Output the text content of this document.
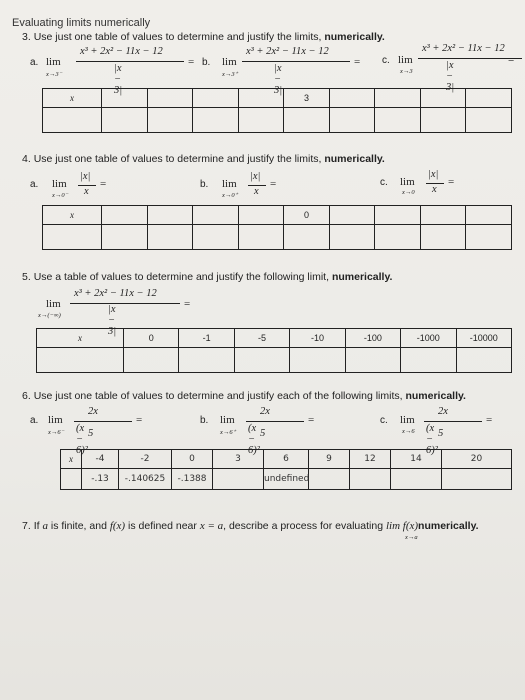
Evaluating limits numerically
3. Use just one table of values to determine and justify the limits, numerically.
a. lim
x→3⁻
x³ + 2x² − 11x − 12
|x − 3|
= b. lim
x→3⁺
x³ + 2x² − 11x − 12
|x − 3|
= c. lim
x→3
x³ + 2x² − 11x − 12
|x − 3|
=
x					3				

4. Use just one table of values to determine and justify the limits, numerically.
a. lim
x→0⁻
|x|
x
=	b. lim
x→0⁺
|x|
x
=	c. lim
x→0
|x|
x
=
x					0				

5. Use a table of values to determine and justify the following limit, numerically.
lim
x→(−∞)
x³ + 2x² − 11x − 12
|x − 3|
=
x	0	-1	-5	-10	-100	-1000	-10000

6. Use just one table of values to determine and justify each of the following limits, numerically.
a. lim
x→6⁻
2x − 5
(x − 6)²
=	b. lim
x→6⁺
2x − 5
(x − 6)²
=	c. lim
x→6
2x − 5
(x − 6)²
=
x	-4	-2	0	3	6	9	12	14	20
	-.13	-.140625	-.1388		undefined				
7. If a is finite, and f(x) is defined near x = a, describe a process for evaluating lim f(x)numerically.
x→a
